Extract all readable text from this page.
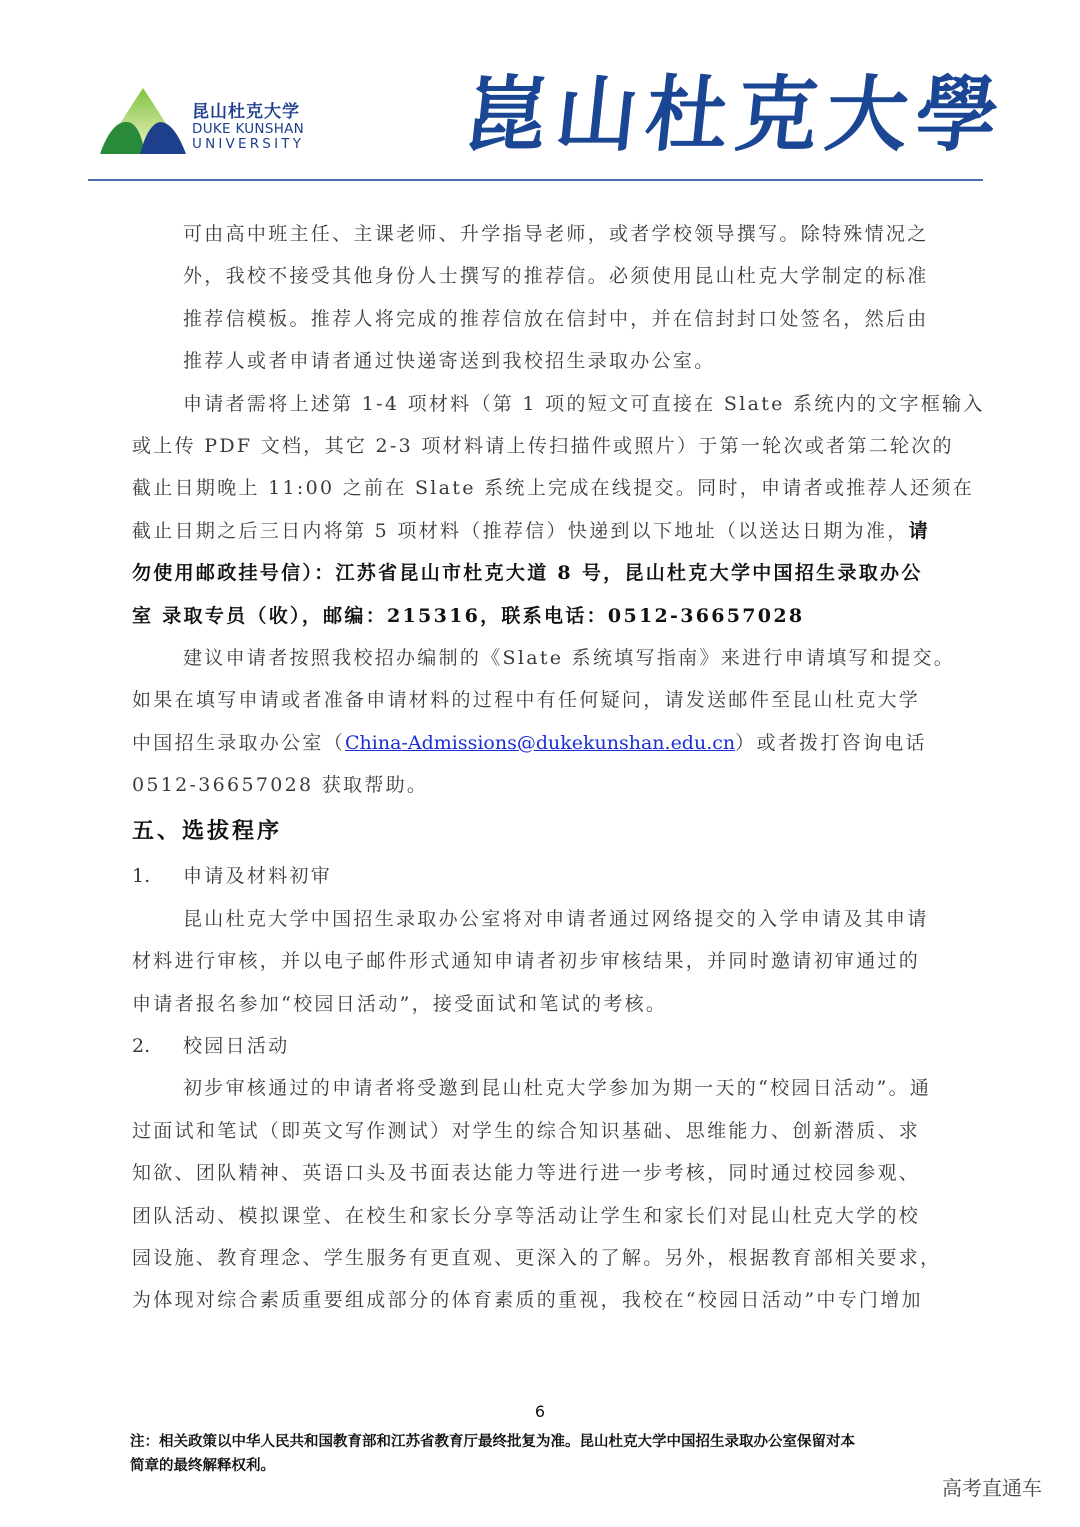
昆山杜克大学
DUKE KUNSHAN
UNIVERSITY 崑山杜克大學
可由高中班主任、主课老师、升学指导老师，或者学校领导撰写。除特殊情况之
外，我校不接受其他身份人士撰写的推荐信。必须使用昆山杜克大学制定的标准
推荐信模板。推荐人将完成的推荐信放在信封中，并在信封封口处签名，然后由
推荐人或者申请者通过快递寄送到我校招生录取办公室。
申请者需将上述第 1-4 项材料（第 1 项的短文可直接在 Slate 系统内的文字框输入
或上传 PDF 文档，其它 2-3 项材料请上传扫描件或照片）于第一轮次或者第二轮次的
截止日期晚上 11:00 之前在 Slate 系统上完成在线提交。同时，申请者或推荐人还须在
截止日期之后三日内将第 5 项材料（推荐信）快递到以下地址（以送达日期为准，请
勿使用邮政挂号信）：江苏省昆山市杜克大道 8 号，昆山杜克大学中国招生录取办公
室 录取专员（收），邮编：215316，联系电话：0512-36657028
建议申请者按照我校招办编制的《Slate 系统填写指南》来进行申请填写和提交。
如果在填写申请或者准备申请材料的过程中有任何疑问，请发送邮件至昆山杜克大学
中国招生录取办公室（China-Admissions@dukekunshan.edu.cn）或者拨打咨询电话
0512-36657028 获取帮助。
五、选拔程序
1. 申请及材料初审
昆山杜克大学中国招生录取办公室将对申请者通过网络提交的入学申请及其申请
材料进行审核，并以电子邮件形式通知申请者初步审核结果，并同时邀请初审通过的
申请者报名参加“校园日活动”，接受面试和笔试的考核。
2. 校园日活动
初步审核通过的申请者将受邀到昆山杜克大学参加为期一天的“校园日活动”。通
过面试和笔试（即英文写作测试）对学生的综合知识基础、思维能力、创新潜质、求
知欲、团队精神、英语口头及书面表达能力等进行进一步考核，同时通过校园参观、
团队活动、模拟课堂、在校生和家长分享等活动让学生和家长们对昆山杜克大学的校
园设施、教育理念、学生服务有更直观、更深入的了解。另外，根据教育部相关要求，
为体现对综合素质重要组成部分的体育素质的重视，我校在“校园日活动”中专门增加
6
注：相关政策以中华人民共和国教育部和江苏省教育厅最终批复为准。昆山杜克大学中国招生录取办公室保留对本
简章的最终解释权利。
高考直通车
